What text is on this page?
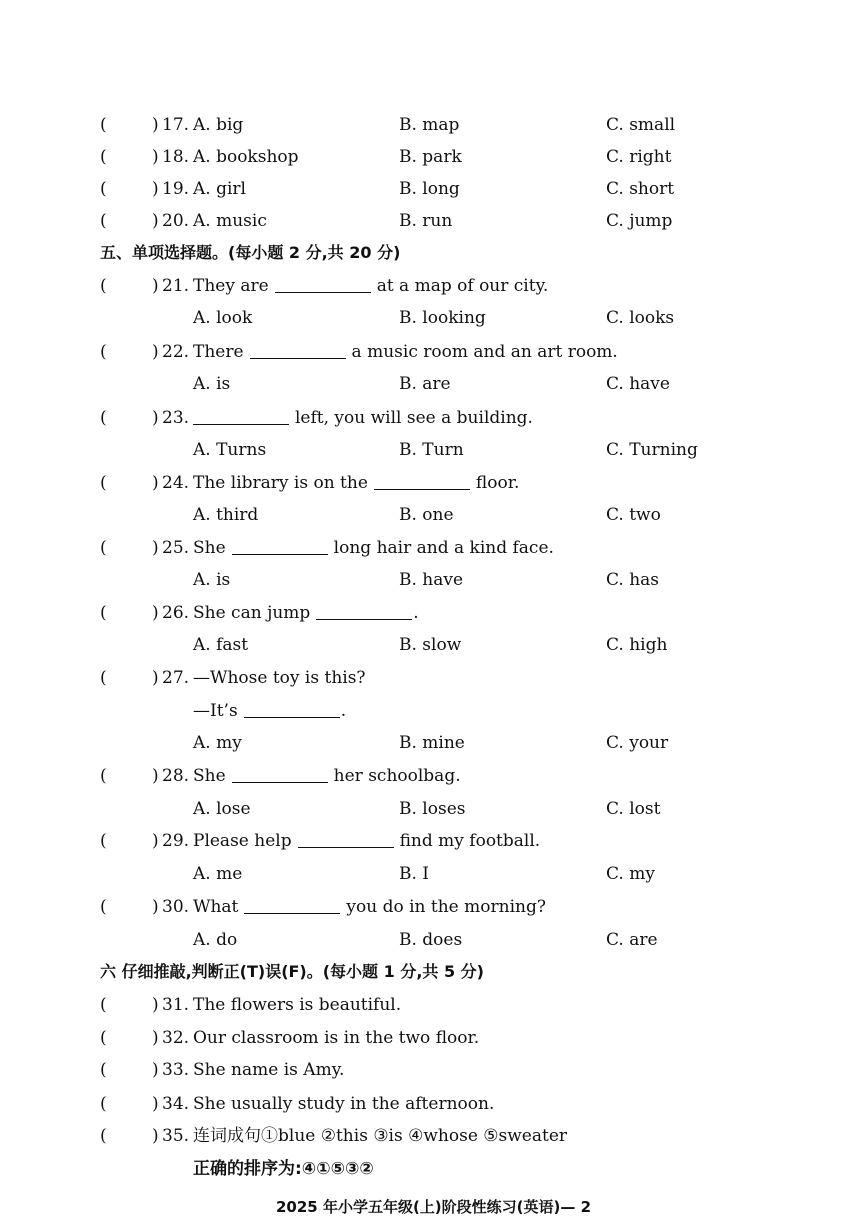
(	) 17. A. big	B. map	C. small
(	) 18. A. bookshop	B. park	C. right
(	) 19. A. girl	B. long	C. short
(	) 20. A. music	B. run	C. jump
五、单项选择题。(每小题 2 分,共 20 分)
(	) 21. They are	at a map of our city.
A. look	B. looking	C. looks
(	) 22. There	a music room and an art room.
A. is	B. are	C. have
(	) 23.	left, you will see a building.
A. Turns	B. Turn	C. Turning
(	) 24. The library is on the	floor.
A. third	B. one	C. two
(	) 25. She	long hair and a kind face.
A. is	B. have	C. has
(	) 26. She can jump	.
A. fast	B. slow	C. high
(	) 27. —Whose toy is this?
—It’s	.
A. my	B. mine	C. your
(	) 28. She	her schoolbag.
A. lose	B. loses	C. lost
(	) 29. Please help	find my football.
A. me	B. I	C. my
(	) 30. What	you do in the morning?
A. do	B. does	C. are
六 仔细推敲,判断正(T)误(F)。(每小题 1 分,共 5 分)
(	) 31. The flowers is beautiful.
(	) 32. Our classroom is in the two floor.
(	) 33. She name is Amy.
(	) 34. She usually study in the afternoon.
(	) 35. 连词成句①blue ②this ③is ④whose ⑤sweater
正确的排序为:④①⑤③②
2025 年小学五年级(上)阶段性练习(英语)— 2
